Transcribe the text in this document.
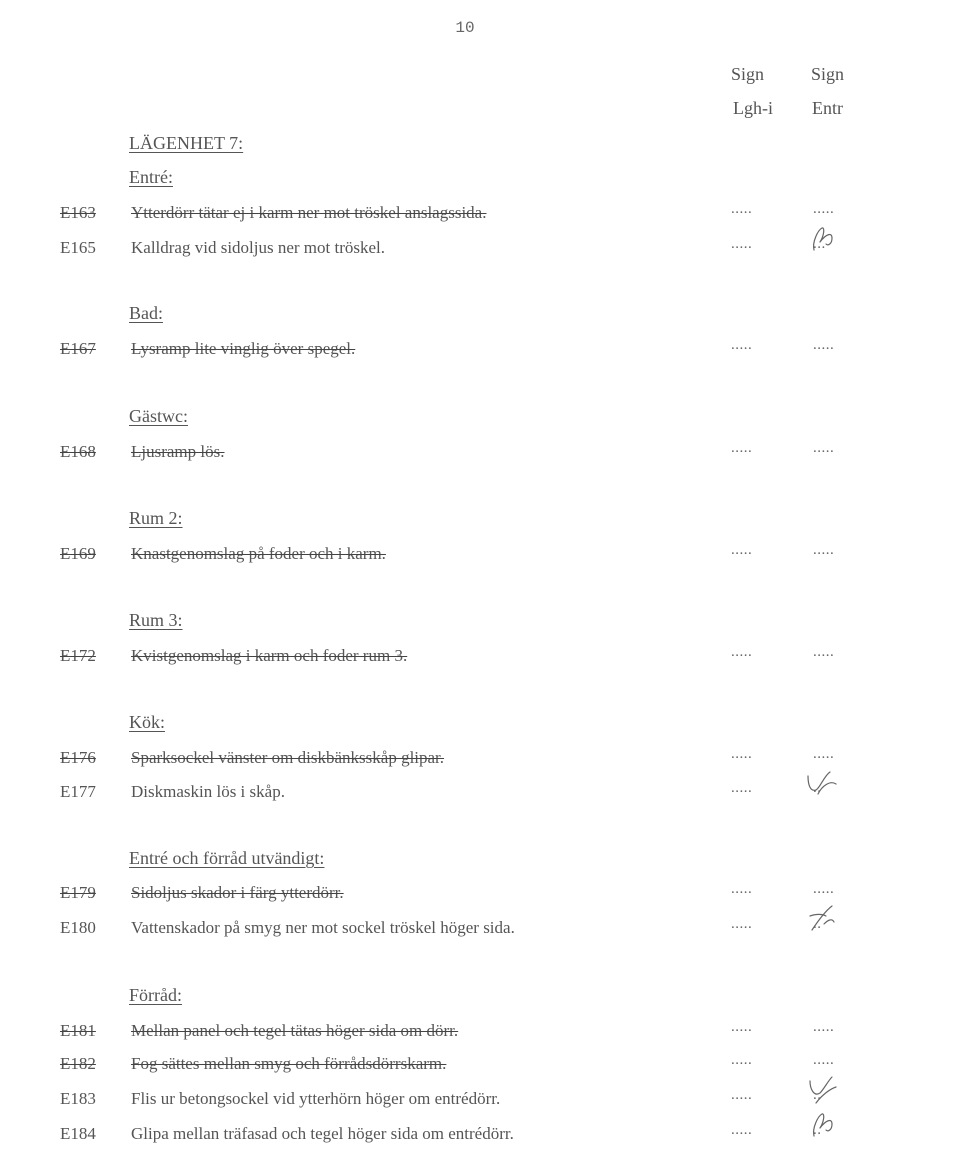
10
Sign
Lgh-i
Sign
Entr
LÄGENHET 7:
Entré:
E163 Ytterdörr tätar ej i karm ner mot tröskel anslagssida.	.....	.....
E165 Kalldrag vid sidoljus ner mot tröskel.	.....	...
Bad:
E167 Lysramp lite vinglig över spegel.	.....	.....
Gästwc:
E168 Ljusramp lös.	.....	.....
Rum 2:
E169 Knastgenomslag på foder och i karm.	.....	.....
Rum 3:
E172 Kvistgenomslag i karm och foder rum 3.	.....	.....
Kök:
E176 Sparksockel vänster om diskbänksskåp glipar.	.....	.....
E177 Diskmaskin lös i skåp.	.....	..
Entré och förråd utvändigt:
E179 Sidoljus skador i färg ytterdörr.	.....	.....
E180 Vattenskador på smyg ner mot sockel tröskel höger sida.	.....	..
Förråd:
E181 Mellan panel och tegel tätas höger sida om dörr.	.....	.....
E182 Fog sättes mellan smyg och förrådsdörrskarm.	.....	.....
E183 Flis ur betongsockel vid ytterhörn höger om entrédörr.	.....	..
E184 Glipa mellan träfasad och tegel höger sida om entrédörr.	.....	..
